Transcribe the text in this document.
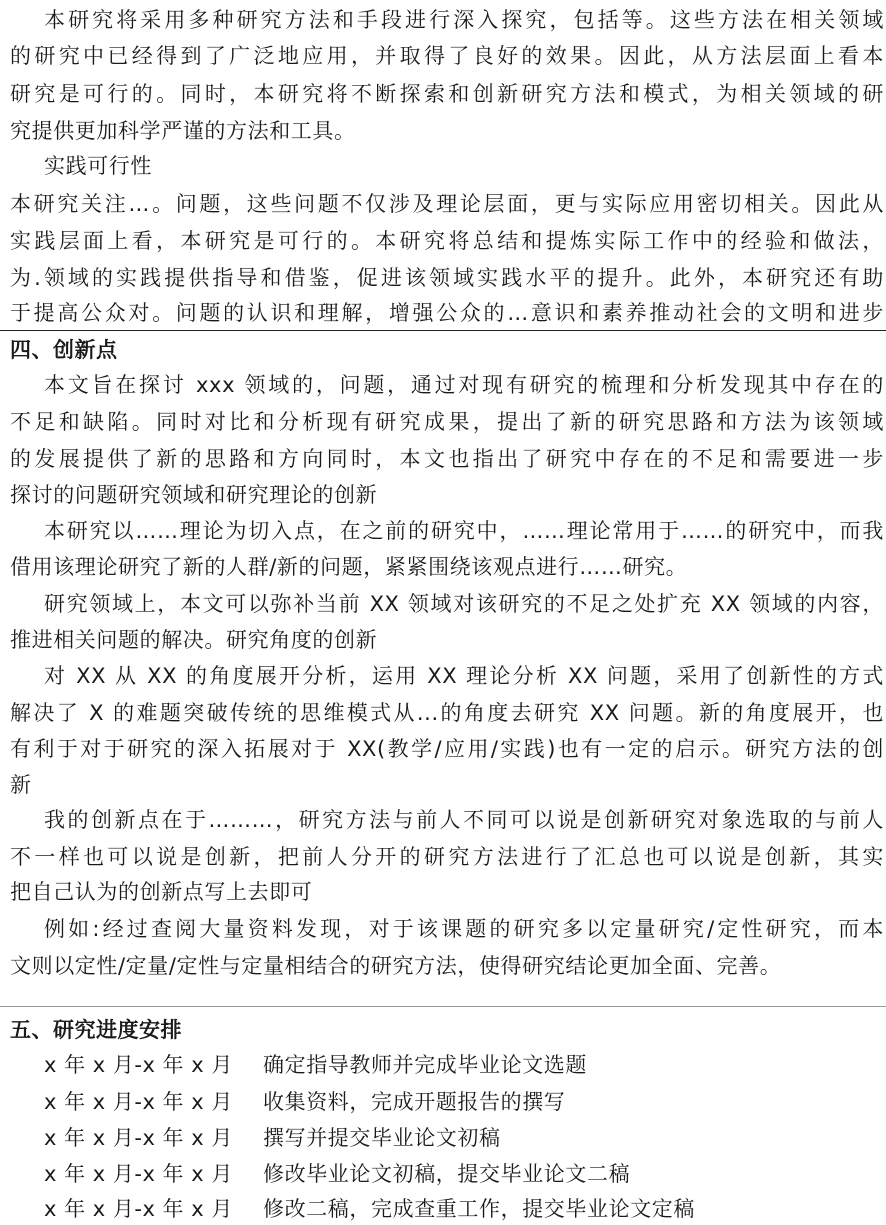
本研究将采用多种研究方法和手段进行深入探究，包括等。这些方法在相关领域
的研究中已经得到了广泛地应用，并取得了良好的效果。因此，从方法层面上看本
研究是可行的。同时，本研究将不断探索和创新研究方法和模式，为相关领域的研
究提供更加科学严谨的方法和工具。
实践可行性
本研究关注…。问题，这些问题不仅涉及理论层面，更与实际应用密切相关。因此从
实践层面上看，本研究是可行的。本研究将总结和提炼实际工作中的经验和做法，
为.领域的实践提供指导和借鉴，促进该领域实践水平的提升。此外，本研究还有助
于提高公众对。问题的认识和理解，增强公众的…意识和素养推动社会的文明和进步
四、创新点
本文旨在探讨 xxx 领域的，问题，通过对现有研究的梳理和分析发现其中存在的
不足和缺陷。同时对比和分析现有研究成果，提出了新的研究思路和方法为该领域
的发展提供了新的思路和方向同时，本文也指出了研究中存在的不足和需要进一步
探讨的问题研究领域和研究理论的创新
本研究以……理论为切入点，在之前的研究中，……理论常用于……的研究中，而我
借用该理论研究了新的人群/新的问题，紧紧围绕该观点进行……研究。
研究领域上，本文可以弥补当前 XX 领域对该研究的不足之处扩充 XX 领域的内容，
推进相关问题的解决。研究角度的创新
对 XX 从 XX 的角度展开分析，运用 XX 理论分析 XX 问题，采用了创新性的方式
解决了 X 的难题突破传统的思维模式从...的角度去研究 XX 问题。新的角度展开，也
有利于对于研究的深入拓展对于 XX(教学/应用/实践)也有一定的启示。研究方法的创
新
我的创新点在于………，研究方法与前人不同可以说是创新研究对象选取的与前人
不一样也可以说是创新，把前人分开的研究方法进行了汇总也可以说是创新，其实
把自己认为的创新点写上去即可
例如:经过查阅大量资料发现，对于该课题的研究多以定量研究/定性研究，而本
文则以定性/定量/定性与定量相结合的研究方法，使得研究结论更加全面、完善。
五、研究进度安排
x 年 x 月-x 年 x 月 确定指导教师并完成毕业论文选题
x 年 x 月-x 年 x 月 收集资料，完成开题报告的撰写
x 年 x 月-x 年 x 月 撰写并提交毕业论文初稿
x 年 x 月-x 年 x 月 修改毕业论文初稿，提交毕业论文二稿
x 年 x 月-x 年 x 月 修改二稿，完成查重工作，提交毕业论文定稿
